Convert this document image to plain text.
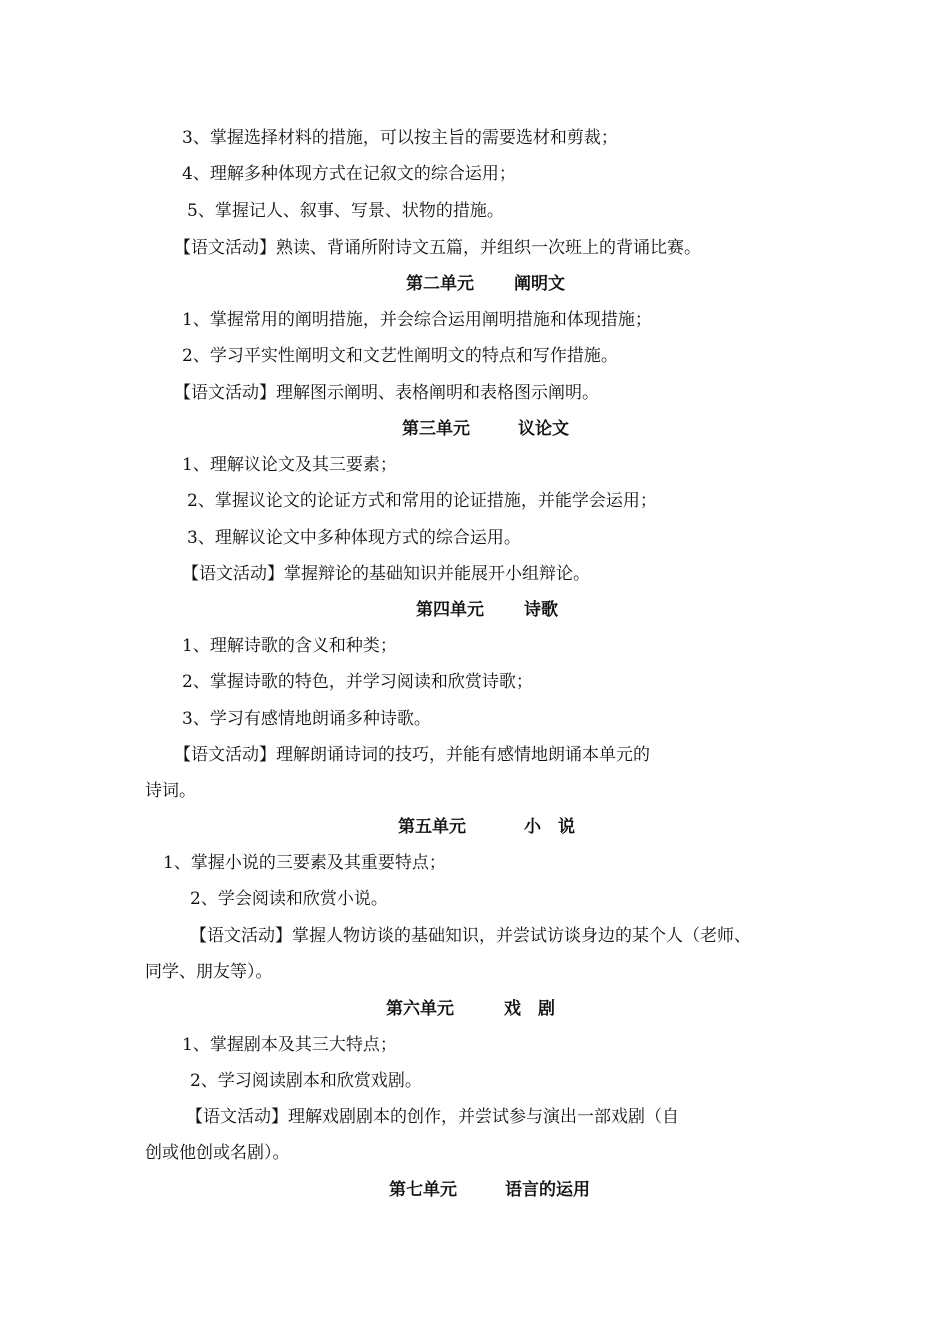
3、掌握选择材料的措施，可以按主旨的需要选材和剪裁；
4、理解多种体现方式在记叙文的综合运用；
5、掌握记人、叙事、写景、状物的措施。
【语文活动】熟读、背诵所附诗文五篇，并组织一次班上的背诵比赛。
第二单元 阐明文
1、掌握常用的阐明措施，并会综合运用阐明措施和体现措施；
2、学习平实性阐明文和文艺性阐明文的特点和写作措施。
【语文活动】理解图示阐明、表格阐明和表格图示阐明。
第三单元	议论文
1、理解议论文及其三要素；
2、掌握议论文的论证方式和常用的论证措施，并能学会运用；
3、理解议论文中多种体现方式的综合运用。
【语文活动】掌握辩论的基础知识并能展开小组辩论。
第四单元 诗歌
1、理解诗歌的含义和种类；
2、掌握诗歌的特色，并学习阅读和欣赏诗歌；
3、学习有感情地朗诵多种诗歌。
【语文活动】理解朗诵诗词的技巧，并能有感情地朗诵本单元的
诗词。
第五单元	小　说
1、掌握小说的三要素及其重要特点；
2、学会阅读和欣赏小说。
【语文活动】掌握人物访谈的基础知识，并尝试访谈身边的某个人（老师、
同学、朋友等）。
第六单元	戏　剧
1、掌握剧本及其三大特点；
2、学习阅读剧本和欣赏戏剧。
【语文活动】理解戏剧剧本的创作，并尝试参与演出一部戏剧（自
创或他创或名剧）。
第七单元	语言的运用
